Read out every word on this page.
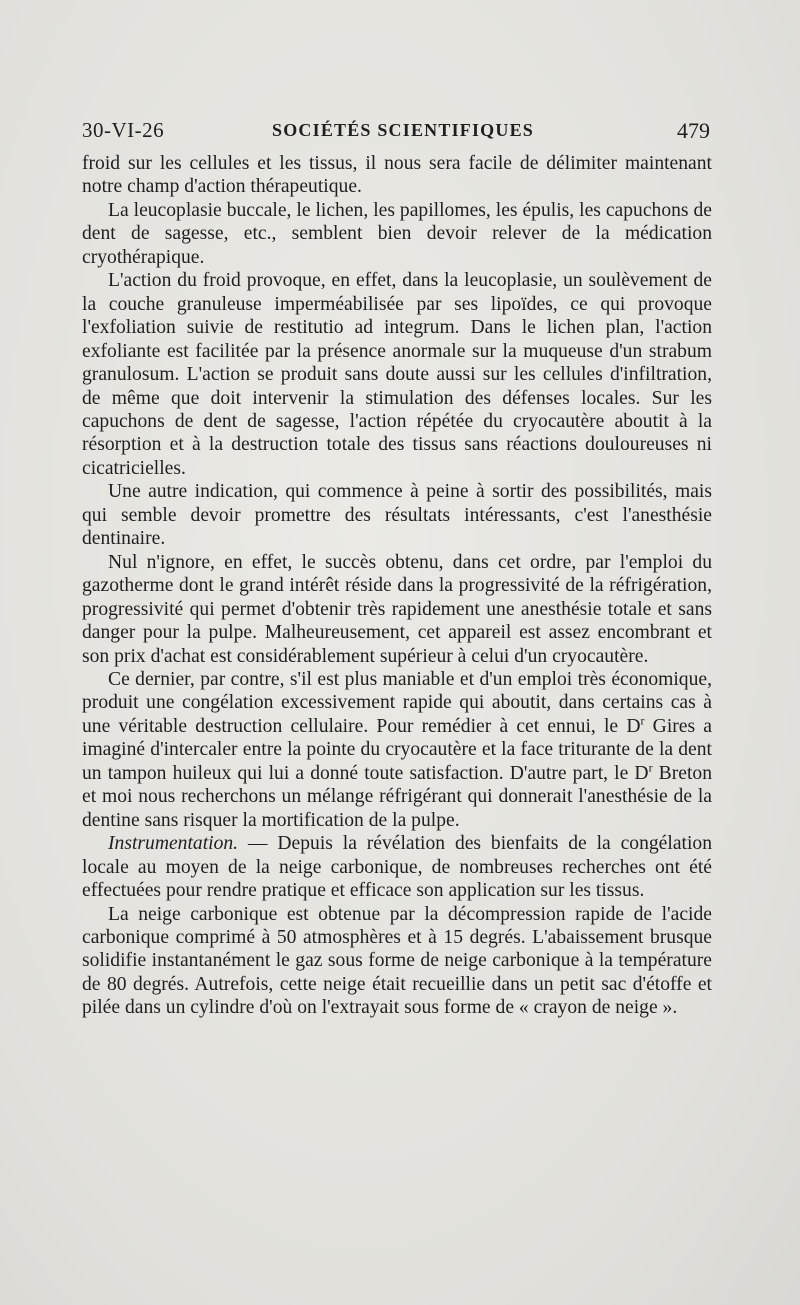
30-VI-26	SOCIÉTÉS SCIENTIFIQUES	479

froid sur les cellules et les tissus, il nous sera facile de délimiter maintenant notre champ d'action thérapeutique.

La leucoplasie buccale, le lichen, les papillomes, les épulis, les capuchons de dent de sagesse, etc., semblent bien devoir relever de la médication cryothérapique.

L'action du froid provoque, en effet, dans la leucoplasie, un soulèvement de la couche granuleuse imperméabilisée par ses lipoïdes, ce qui provoque l'exfoliation suivie de restitutio ad integrum. Dans le lichen plan, l'action exfoliante est facilitée par la présence anormale sur la muqueuse d'un strabum granulosum. L'action se produit sans doute aussi sur les cellules d'infiltration, de même que doit intervenir la stimulation des défenses locales. Sur les capuchons de dent de sagesse, l'action répétée du cryocautère aboutit à la résorption et à la destruction totale des tissus sans réactions douloureuses ni cicatricielles.

Une autre indication, qui commence à peine à sortir des possibilités, mais qui semble devoir promettre des résultats intéressants, c'est l'anesthésie dentinaire.

Nul n'ignore, en effet, le succès obtenu, dans cet ordre, par l'emploi du gazotherme dont le grand intérêt réside dans la progressivité de la réfrigération, progressivité qui permet d'obtenir très rapidement une anesthésie totale et sans danger pour la pulpe. Malheureusement, cet appareil est assez encombrant et son prix d'achat est considérablement supérieur à celui d'un cryocautère.

Ce dernier, par contre, s'il est plus maniable et d'un emploi très économique, produit une congélation excessivement rapide qui aboutit, dans certains cas à une véritable destruction cellulaire. Pour remédier à cet ennui, le $D^r$ Gires a imaginé d'intercaler entre la pointe du cryocautère et la face triturante de la dent un tampon huileux qui lui a donné toute satisfaction. D'autre part, le $D^r$ Breton et moi nous recherchons un mélange réfrigérant qui donnerait l'anesthésie de la dentine sans risquer la mortification de la pulpe.

Instrumentation. — Depuis la révélation des bienfaits de la congélation locale au moyen de la neige carbonique, de nombreuses recherches ont été effectuées pour rendre pratique et efficace son application sur les tissus.

La neige carbonique est obtenue par la décompression rapide de l'acide carbonique comprimé à 50 atmosphères et à 15 degrés. L'abaissement brusque solidifie instantanément le gaz sous forme de neige carbonique à la température de 80 degrés. Autrefois, cette neige était recueillie dans un petit sac d'étoffe et pilée dans un cylindre d'où on l'extrayait sous forme de « crayon de neige ».
